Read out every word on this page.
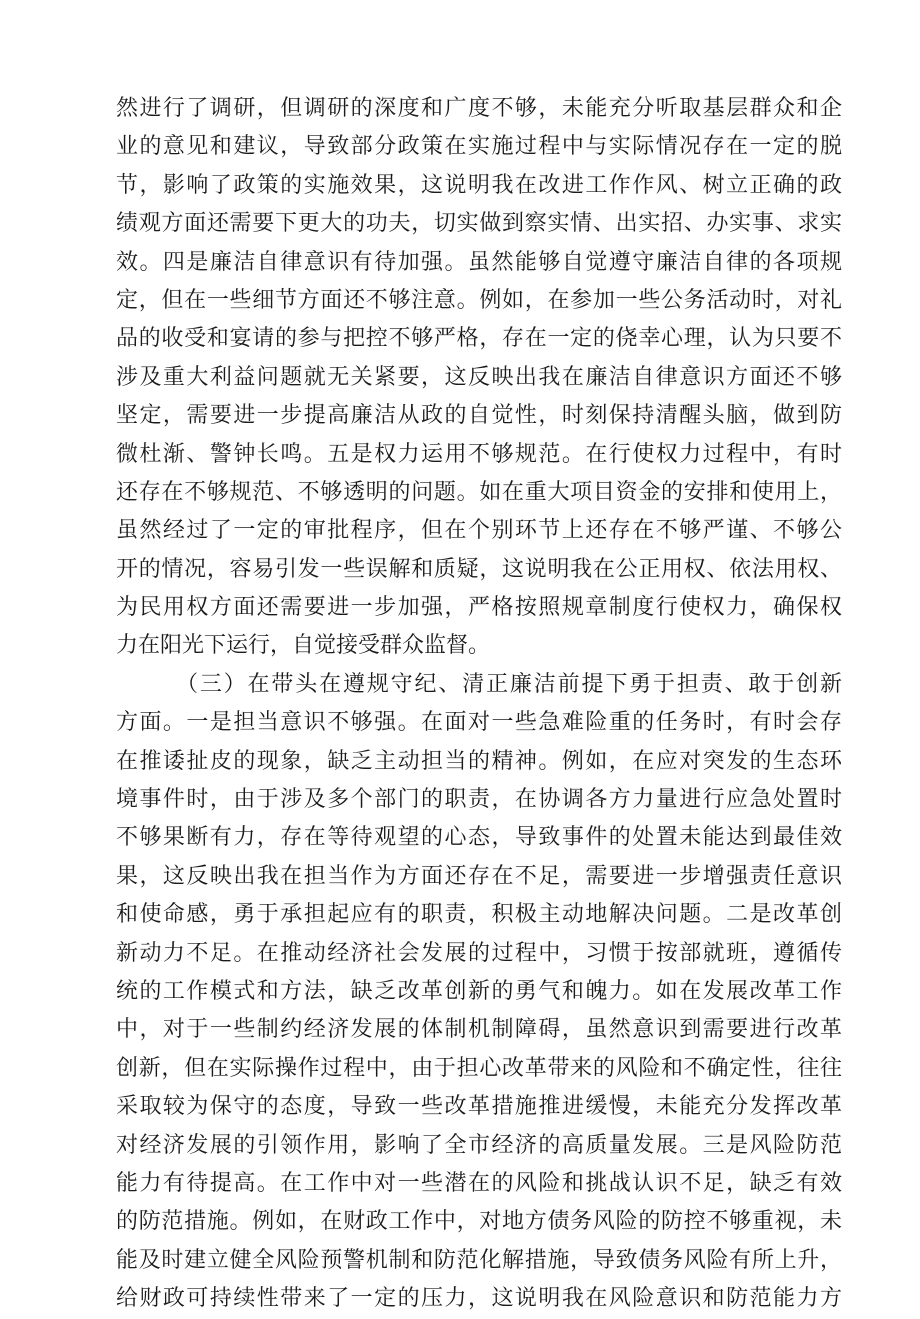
然进行了调研，但调研的深度和广度不够，未能充分听取基层群众和企
业的意见和建议，导致部分政策在实施过程中与实际情况存在一定的脱
节，影响了政策的实施效果，这说明我在改进工作作风、树立正确的政
绩观方面还需要下更大的功夫，切实做到察实情、出实招、办实事、求实
效。四是廉洁自律意识有待加强。虽然能够自觉遵守廉洁自律的各项规
定，但在一些细节方面还不够注意。例如，在参加一些公务活动时，对礼
品的收受和宴请的参与把控不够严格，存在一定的侥幸心理，认为只要不
涉及重大利益问题就无关紧要，这反映出我在廉洁自律意识方面还不够
坚定，需要进一步提高廉洁从政的自觉性，时刻保持清醒头脑，做到防
微杜渐、警钟长鸣。五是权力运用不够规范。在行使权力过程中，有时
还存在不够规范、不够透明的问题。如在重大项目资金的安排和使用上，
虽然经过了一定的审批程序，但在个别环节上还存在不够严谨、不够公
开的情况，容易引发一些误解和质疑，这说明我在公正用权、依法用权、
为民用权方面还需要进一步加强，严格按照规章制度行使权力，确保权
力在阳光下运行，自觉接受群众监督。
（三）在带头在遵规守纪、清正廉洁前提下勇于担责、敢于创新
方面。一是担当意识不够强。在面对一些急难险重的任务时，有时会存
在推诿扯皮的现象，缺乏主动担当的精神。例如，在应对突发的生态环
境事件时，由于涉及多个部门的职责，在协调各方力量进行应急处置时
不够果断有力，存在等待观望的心态，导致事件的处置未能达到最佳效
果，这反映出我在担当作为方面还存在不足，需要进一步增强责任意识
和使命感，勇于承担起应有的职责，积极主动地解决问题。二是改革创
新动力不足。在推动经济社会发展的过程中，习惯于按部就班，遵循传
统的工作模式和方法，缺乏改革创新的勇气和魄力。如在发展改革工作
中，对于一些制约经济发展的体制机制障碍，虽然意识到需要进行改革
创新，但在实际操作过程中，由于担心改革带来的风险和不确定性，往往
采取较为保守的态度，导致一些改革措施推进缓慢，未能充分发挥改革
对经济发展的引领作用，影响了全市经济的高质量发展。三是风险防范
能力有待提高。在工作中对一些潜在的风险和挑战认识不足，缺乏有效
的防范措施。例如，在财政工作中，对地方债务风险的防控不够重视，未
能及时建立健全风险预警机制和防范化解措施，导致债务风险有所上升，
给财政可持续性带来了一定的压力，这说明我在风险意识和防范能力方
